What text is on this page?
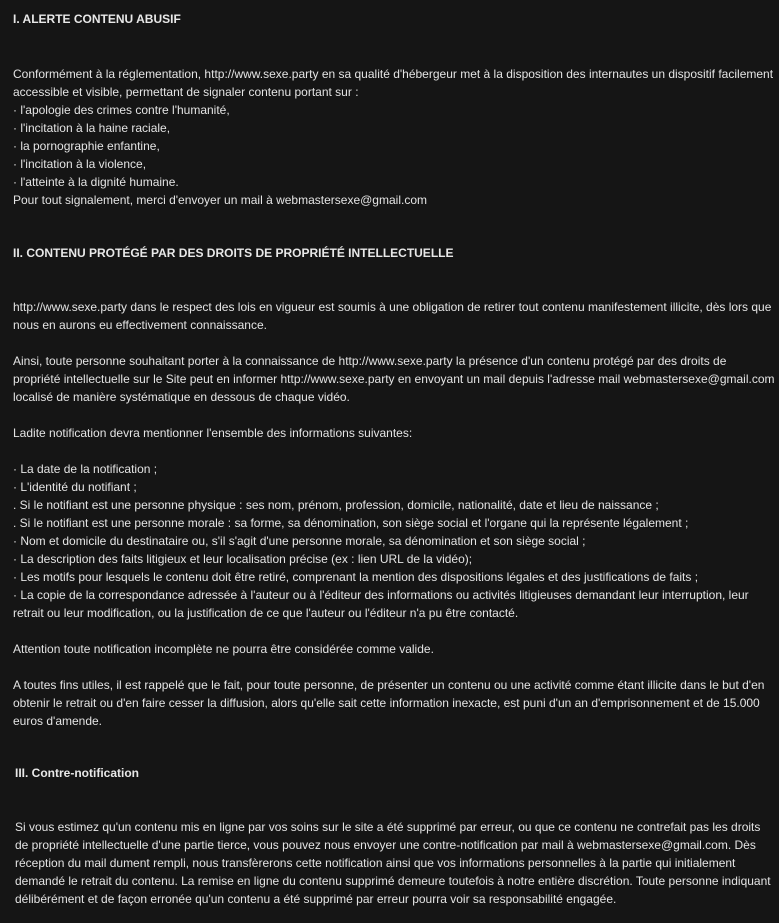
I. ALERTE CONTENU ABUSIF
Conformément à la réglementation, http://www.sexe.party en sa qualité d'hébergeur met à la disposition des internautes un dispositif facilement accessible et visible, permettant de signaler contenu portant sur :
· l'apologie des crimes contre l'humanité,
· l'incitation à la haine raciale,
· la pornographie enfantine,
· l'incitation à la violence,
· l'atteinte à la dignité humaine.
Pour tout signalement, merci d'envoyer un mail à webmastersexe@gmail.com
II. CONTENU PROTÉGÉ PAR DES DROITS DE PROPRIÉTÉ INTELLECTUELLE
http://www.sexe.party dans le respect des lois en vigueur est soumis à une obligation de retirer tout contenu manifestement illicite, dès lors que nous en aurons eu effectivement connaissance.
Ainsi, toute personne souhaitant porter à la connaissance de http://www.sexe.party la présence d'un contenu protégé par des droits de propriété intellectuelle sur le Site peut en informer http://www.sexe.party en envoyant un mail depuis l'adresse mail webmastersexe@gmail.com localisé de manière systématique en dessous de chaque vidéo.
Ladite notification devra mentionner l'ensemble des informations suivantes:
· La date de la notification ;
· L'identité du notifiant ;
. Si le notifiant est une personne physique : ses nom, prénom, profession, domicile, nationalité, date et lieu de naissance ;
. Si le notifiant est une personne morale : sa forme, sa dénomination, son siège social et l'organe qui la représente légalement ;
· Nom et domicile du destinataire ou, s'il s'agit d'une personne morale, sa dénomination et son siège social ;
· La description des faits litigieux et leur localisation précise (ex : lien URL de la vidéo);
· Les motifs pour lesquels le contenu doit être retiré, comprenant la mention des dispositions légales et des justifications de faits ;
· La copie de la correspondance adressée à l'auteur ou à l'éditeur des informations ou activités litigieuses demandant leur interruption, leur retrait ou leur modification, ou la justification de ce que l'auteur ou l'éditeur n'a pu être contacté.
Attention toute notification incomplète ne pourra être considérée comme valide.
A toutes fins utiles, il est rappelé que le fait, pour toute personne, de présenter un contenu ou une activité comme étant illicite dans le but d'en obtenir le retrait ou d'en faire cesser la diffusion, alors qu'elle sait cette information inexacte, est puni d'un an d'emprisonnement et de 15.000 euros d'amende.
III. Contre-notification
Si vous estimez qu'un contenu mis en ligne par vos soins sur le site a été supprimé par erreur, ou que ce contenu ne contrefait pas les droits de propriété intellectuelle d'une partie tierce, vous pouvez nous envoyer une contre-notification par mail à webmastersexe@gmail.com. Dès réception du mail dument rempli, nous transfèrerons cette notification ainsi que vos informations personnelles à la partie qui initialement demandé le retrait du contenu. La remise en ligne du contenu supprimé demeure toutefois à notre entière discrétion. Toute personne indiquant délibérément et de façon erronée qu'un contenu a été supprimé par erreur pourra voir sa responsabilité engagée.
